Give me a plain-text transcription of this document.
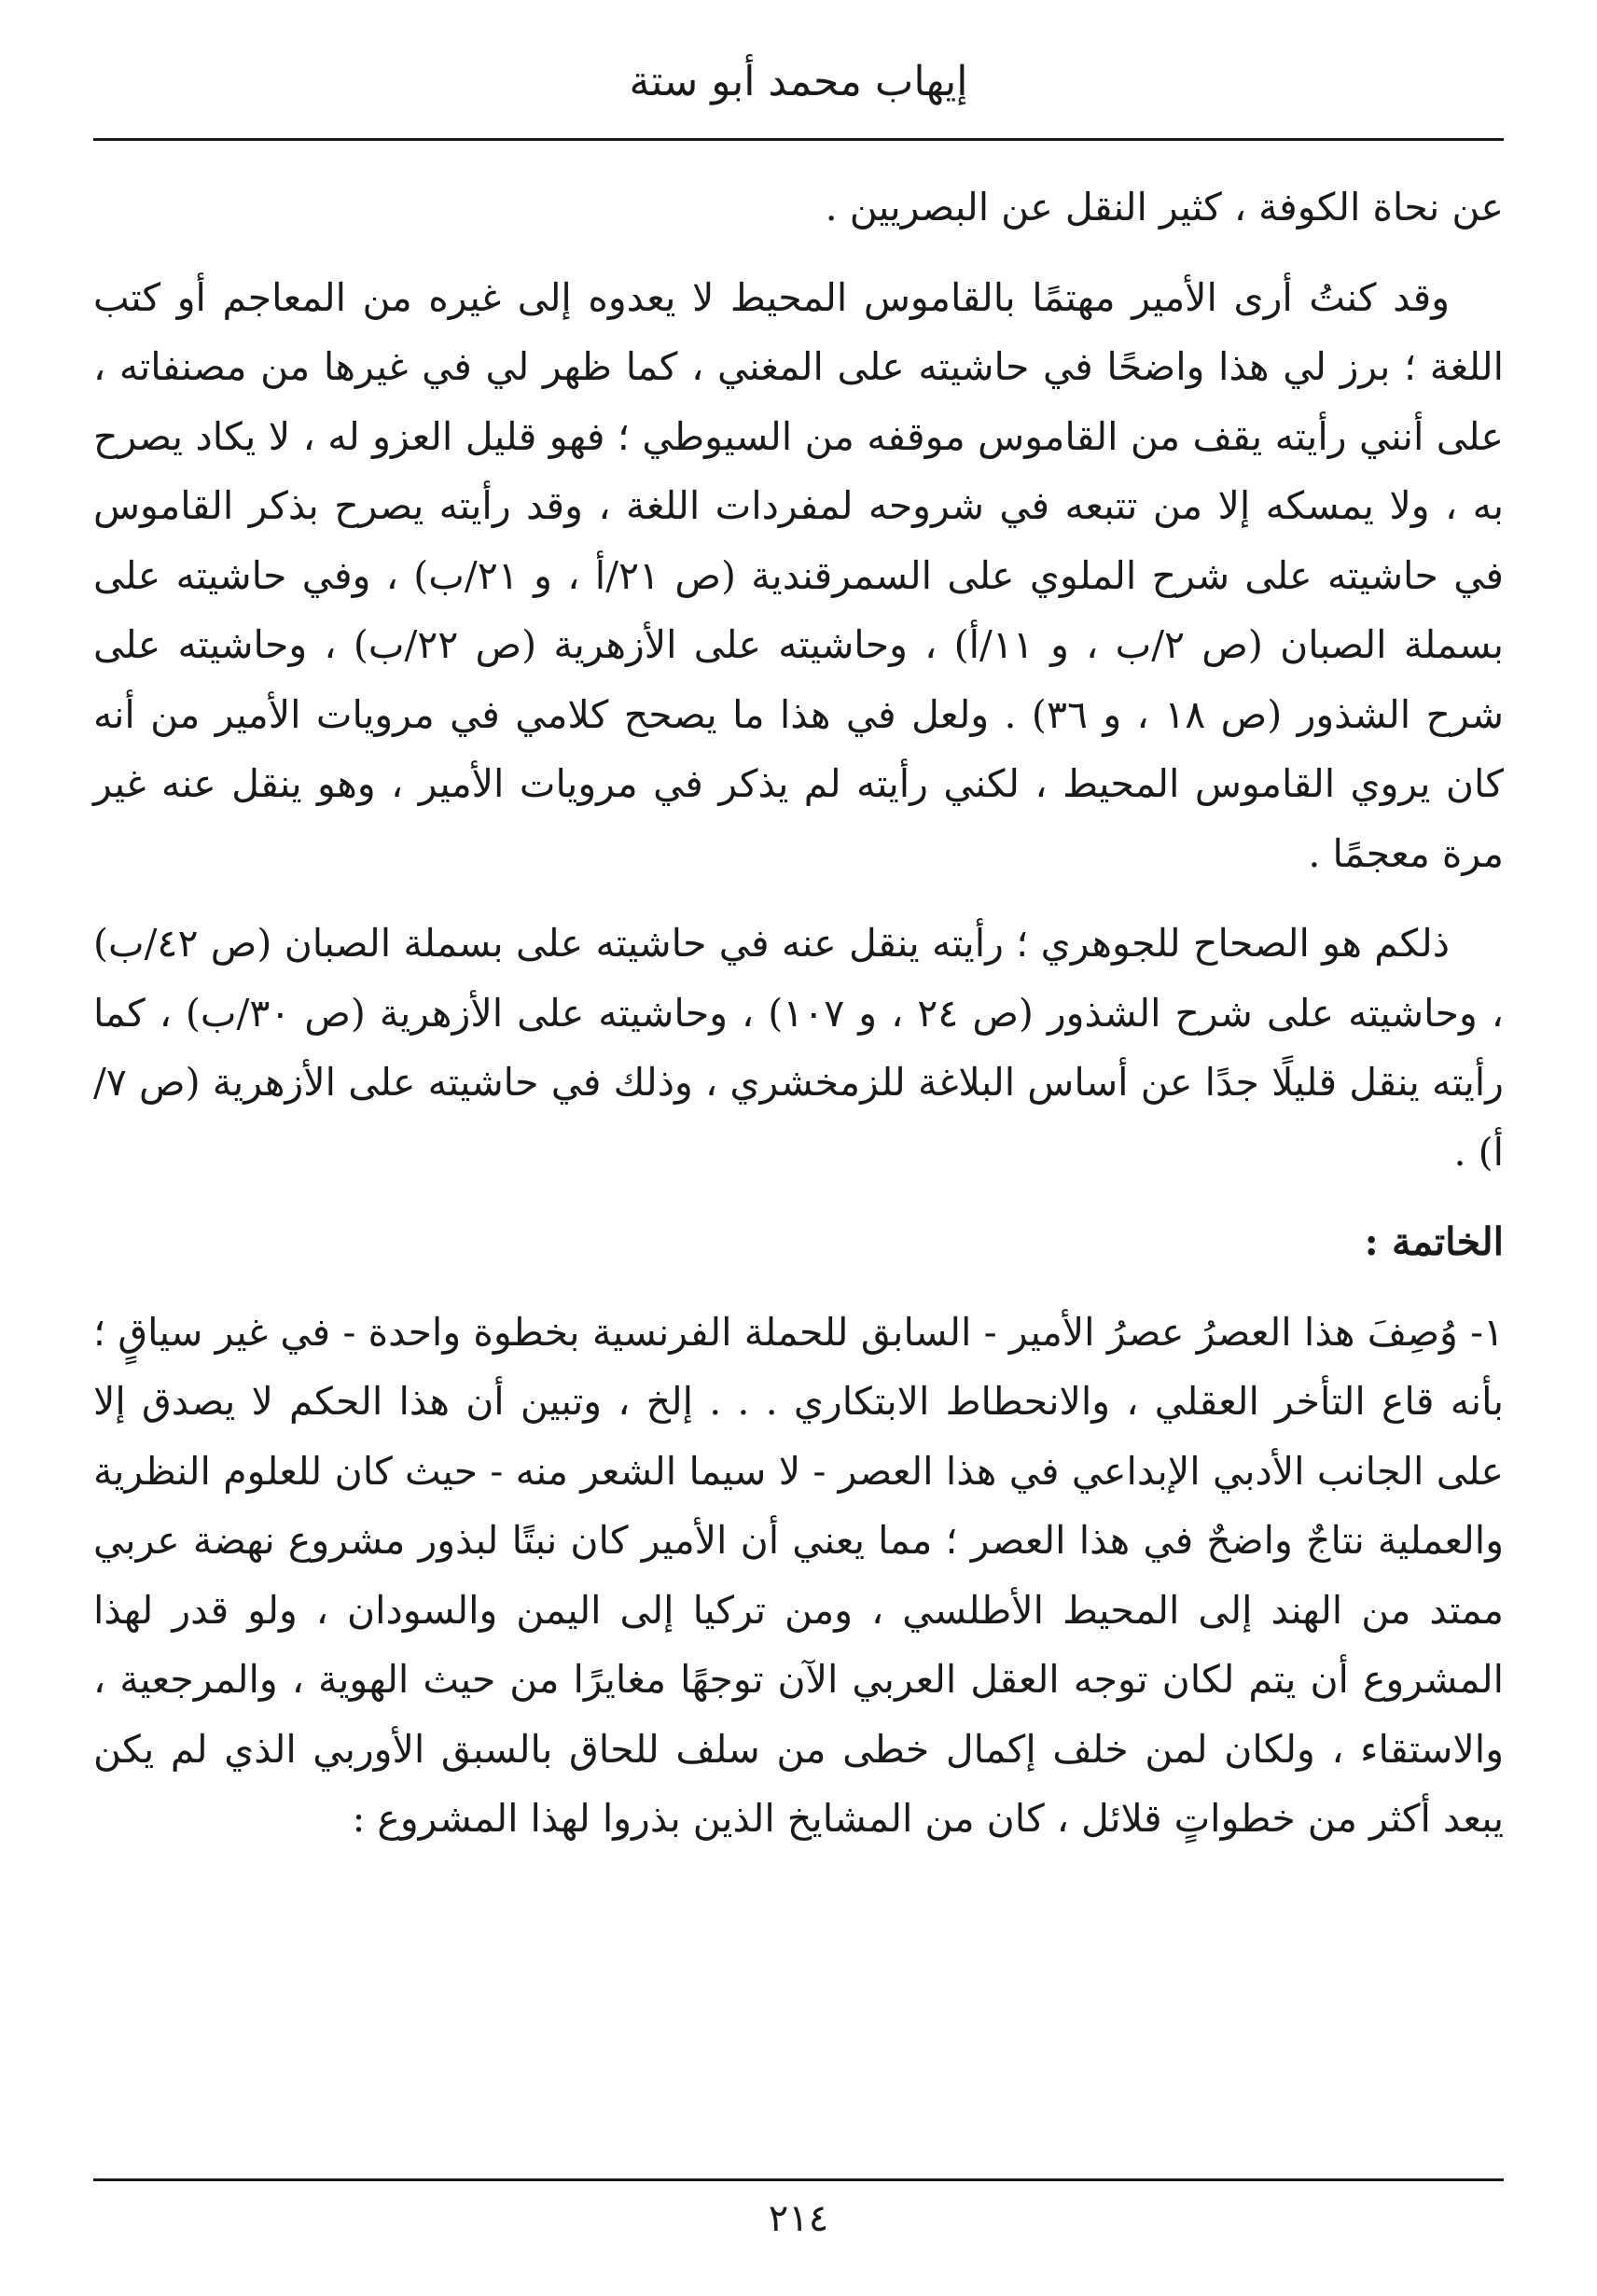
إيهاب محمد أبو ستة

عن نحاة الكوفة ، كثير النقل عن البصريين .

وقد كنتُ أرى الأمير مهتمًا بالقاموس المحيط لا يعدوه إلى غيره من المعاجم أو كتب اللغة ؛ برز لي هذا واضحًا في حاشيته على المغني ، كما ظهر لي في غيرها من مصنفاته ، على أنني رأيته يقف من القاموس موقفه من السيوطي ؛ فهو قليل العزو له ، لا يكاد يصرح به ، ولا يمسكه إلا من تتبعه في شروحه لمفردات اللغة ، وقد رأيته يصرح بذكر القاموس في حاشيته على شرح الملوي على السمرقندية (ص ٢١/أ ، و ٢١/ب) ، وفي حاشيته على بسملة الصبان (ص ٢/ب ، و ١١/أ) ، وحاشيته على الأزهرية (ص ٢٢/ب) ، وحاشيته على شرح الشذور (ص ١٨ ، و ٣٦) . ولعل في هذا ما يصحح كلامي في مرويات الأمير من أنه كان يروي القاموس المحيط ، لكني رأيته لم يذكر في مرويات الأمير ، وهو ينقل عنه غير مرة معجمًا .

ذلكم هو الصحاح للجوهري ؛ رأيته ينقل عنه في حاشيته على بسملة الصبان (ص ٤٢/ب) ، وحاشيته على شرح الشذور (ص ٢٤ ، و ١٠٧) ، وحاشيته على الأزهرية (ص ٣٠/ب) ، كما رأيته ينقل قليلًا جدًا عن أساس البلاغة للزمخشري ، وذلك في حاشيته على الأزهرية (ص ٧/أ) .

الخاتمة :

١- وُصِفَ هذا العصرُ عصرُ الأمير - السابق للحملة الفرنسية بخطوة واحدة - في غير سياقٍ ؛ بأنه قاع التأخر العقلي ، والانحطاط الابتكاري . . . إلخ ، وتبين أن هذا الحكم لا يصدق إلا على الجانب الأدبي الإبداعي في هذا العصر - لا سيما الشعر منه - حيث كان للعلوم النظرية والعملية نتاجٌ واضحٌ في هذا العصر ؛ مما يعني أن الأمير كان نبتًا لبذور مشروع نهضة عربي ممتد من الهند إلى المحيط الأطلسي ، ومن تركيا إلى اليمن والسودان ، ولو قدر لهذا المشروع أن يتم لكان توجه العقل العربي الآن توجهًا مغايرًا من حيث الهوية ، والمرجعية ، والاستقاء ، ولكان لمن خلف إكمال خطى من سلف للحاق بالسبق الأوربي الذي لم يكن يبعد أكثر من خطواتٍ قلائل ، كان من المشايخ الذين بذروا لهذا المشروع :

٢١٤
